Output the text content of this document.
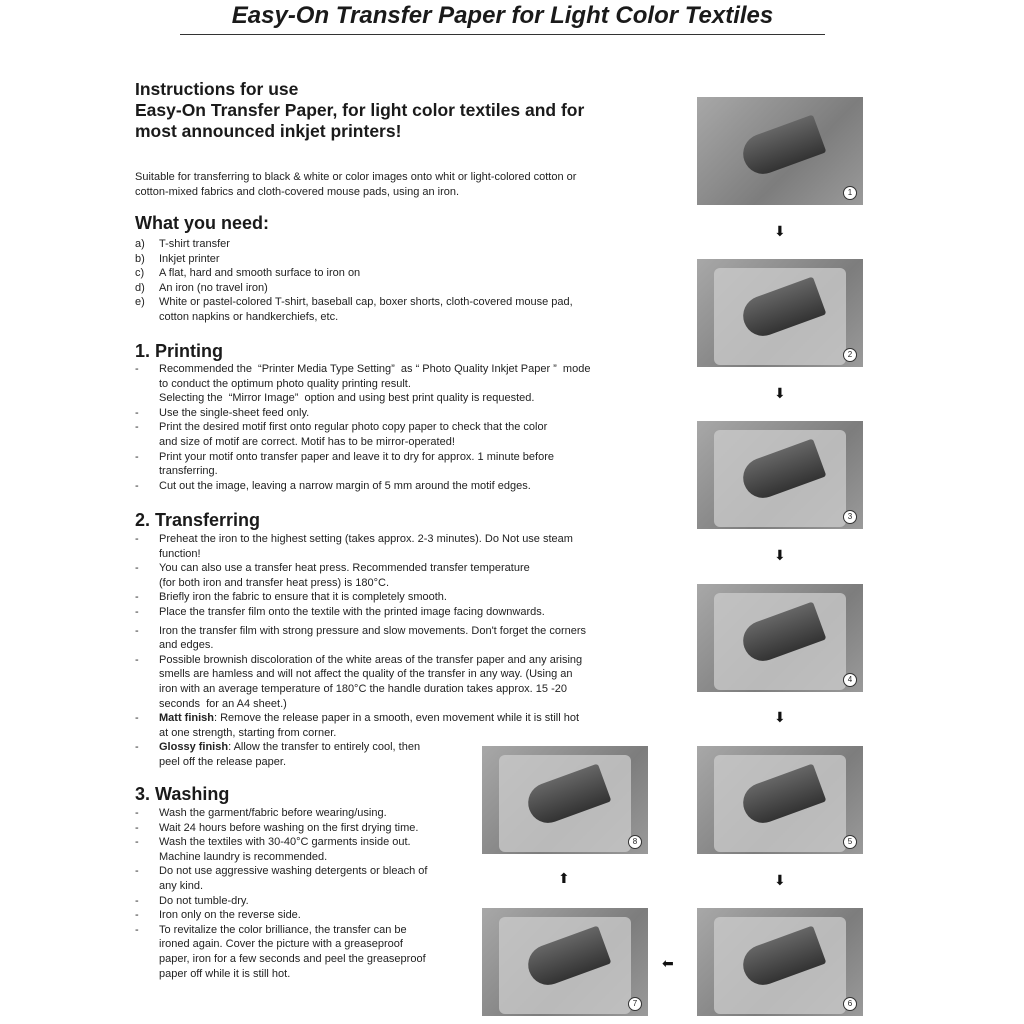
Easy-On Transfer Paper for Light Color Textiles
Instructions for use
Easy-On Transfer Paper, for light color textiles and for
most announced inkjet printers!
Suitable for transferring to black & white or color images onto whit or light-colored cotton or
cotton-mixed fabrics and cloth-covered mouse pads, using an iron.
What you need:
a)	T-shirt transfer
b)	Inkjet printer
c)	A flat, hard and smooth surface to iron on
d)	An iron (no travel iron)
e)	White or pastel-colored T-shirt, baseball cap, boxer shorts, cloth-covered mouse pad,
cotton napkins or handkerchiefs, etc.
1. Printing
-	Recommended the  “Printer Media Type Setting”  as “ Photo Quality Inkjet Paper ”  mode
to conduct the optimum photo quality printing result.
Selecting the  “Mirror Image”  option and using best print quality is requested.
-	Use the single-sheet feed only.
-	Print the desired motif first onto regular photo copy paper to check that the color
and size of motif are correct. Motif has to be mirror-operated!
-	Print your motif onto transfer paper and leave it to dry for approx. 1 minute before
transferring.
-	Cut out the image, leaving a narrow margin of 5 mm around the motif edges.
2. Transferring
-	Preheat the iron to the highest setting (takes approx. 2-3 minutes). Do Not use steam
function!
-	You can also use a transfer heat press. Recommended transfer temperature
(for both iron and transfer heat press) is 180°C.
-	Briefly iron the fabric to ensure that it is completely smooth.
-	Place the transfer film onto the textile with the printed image facing downwards.
-	Iron the transfer film with strong pressure and slow movements. Don't forget the corners
and edges.
-	Possible brownish discoloration of the white areas of the transfer paper and any arising
smells are hamless and will not affect the quality of the transfer in any way. (Using an
iron with an average temperature of 180°C the handle duration takes approx. 15 -20
seconds  for an A4 sheet.)
-	Matt finish: Remove the release paper in a smooth, even movement while it is still hot
at one strength, starting from corner.
-	Glossy finish: Allow the transfer to entirely cool, then
peel off the release paper.
3. Washing
-	Wash the garment/fabric before wearing/using.
-	Wait 24 hours before washing on the first drying time.
-	Wash the textiles with 30-40°C garments inside out.
Machine laundry is recommended.
-	Do not use aggressive washing detergents or bleach of
any kind.
-	Do not tumble-dry.
-	Iron only on the reverse side.
-	To revitalize the color brilliance, the transfer can be
ironed again. Cover the picture with a greaseproof
paper, iron for a few seconds and peel the greaseproof
paper off while it is still hot.
1
2
3
4
5
6
7
8
⬇
⬇
⬇
⬇
⬇
⬆
⬅
